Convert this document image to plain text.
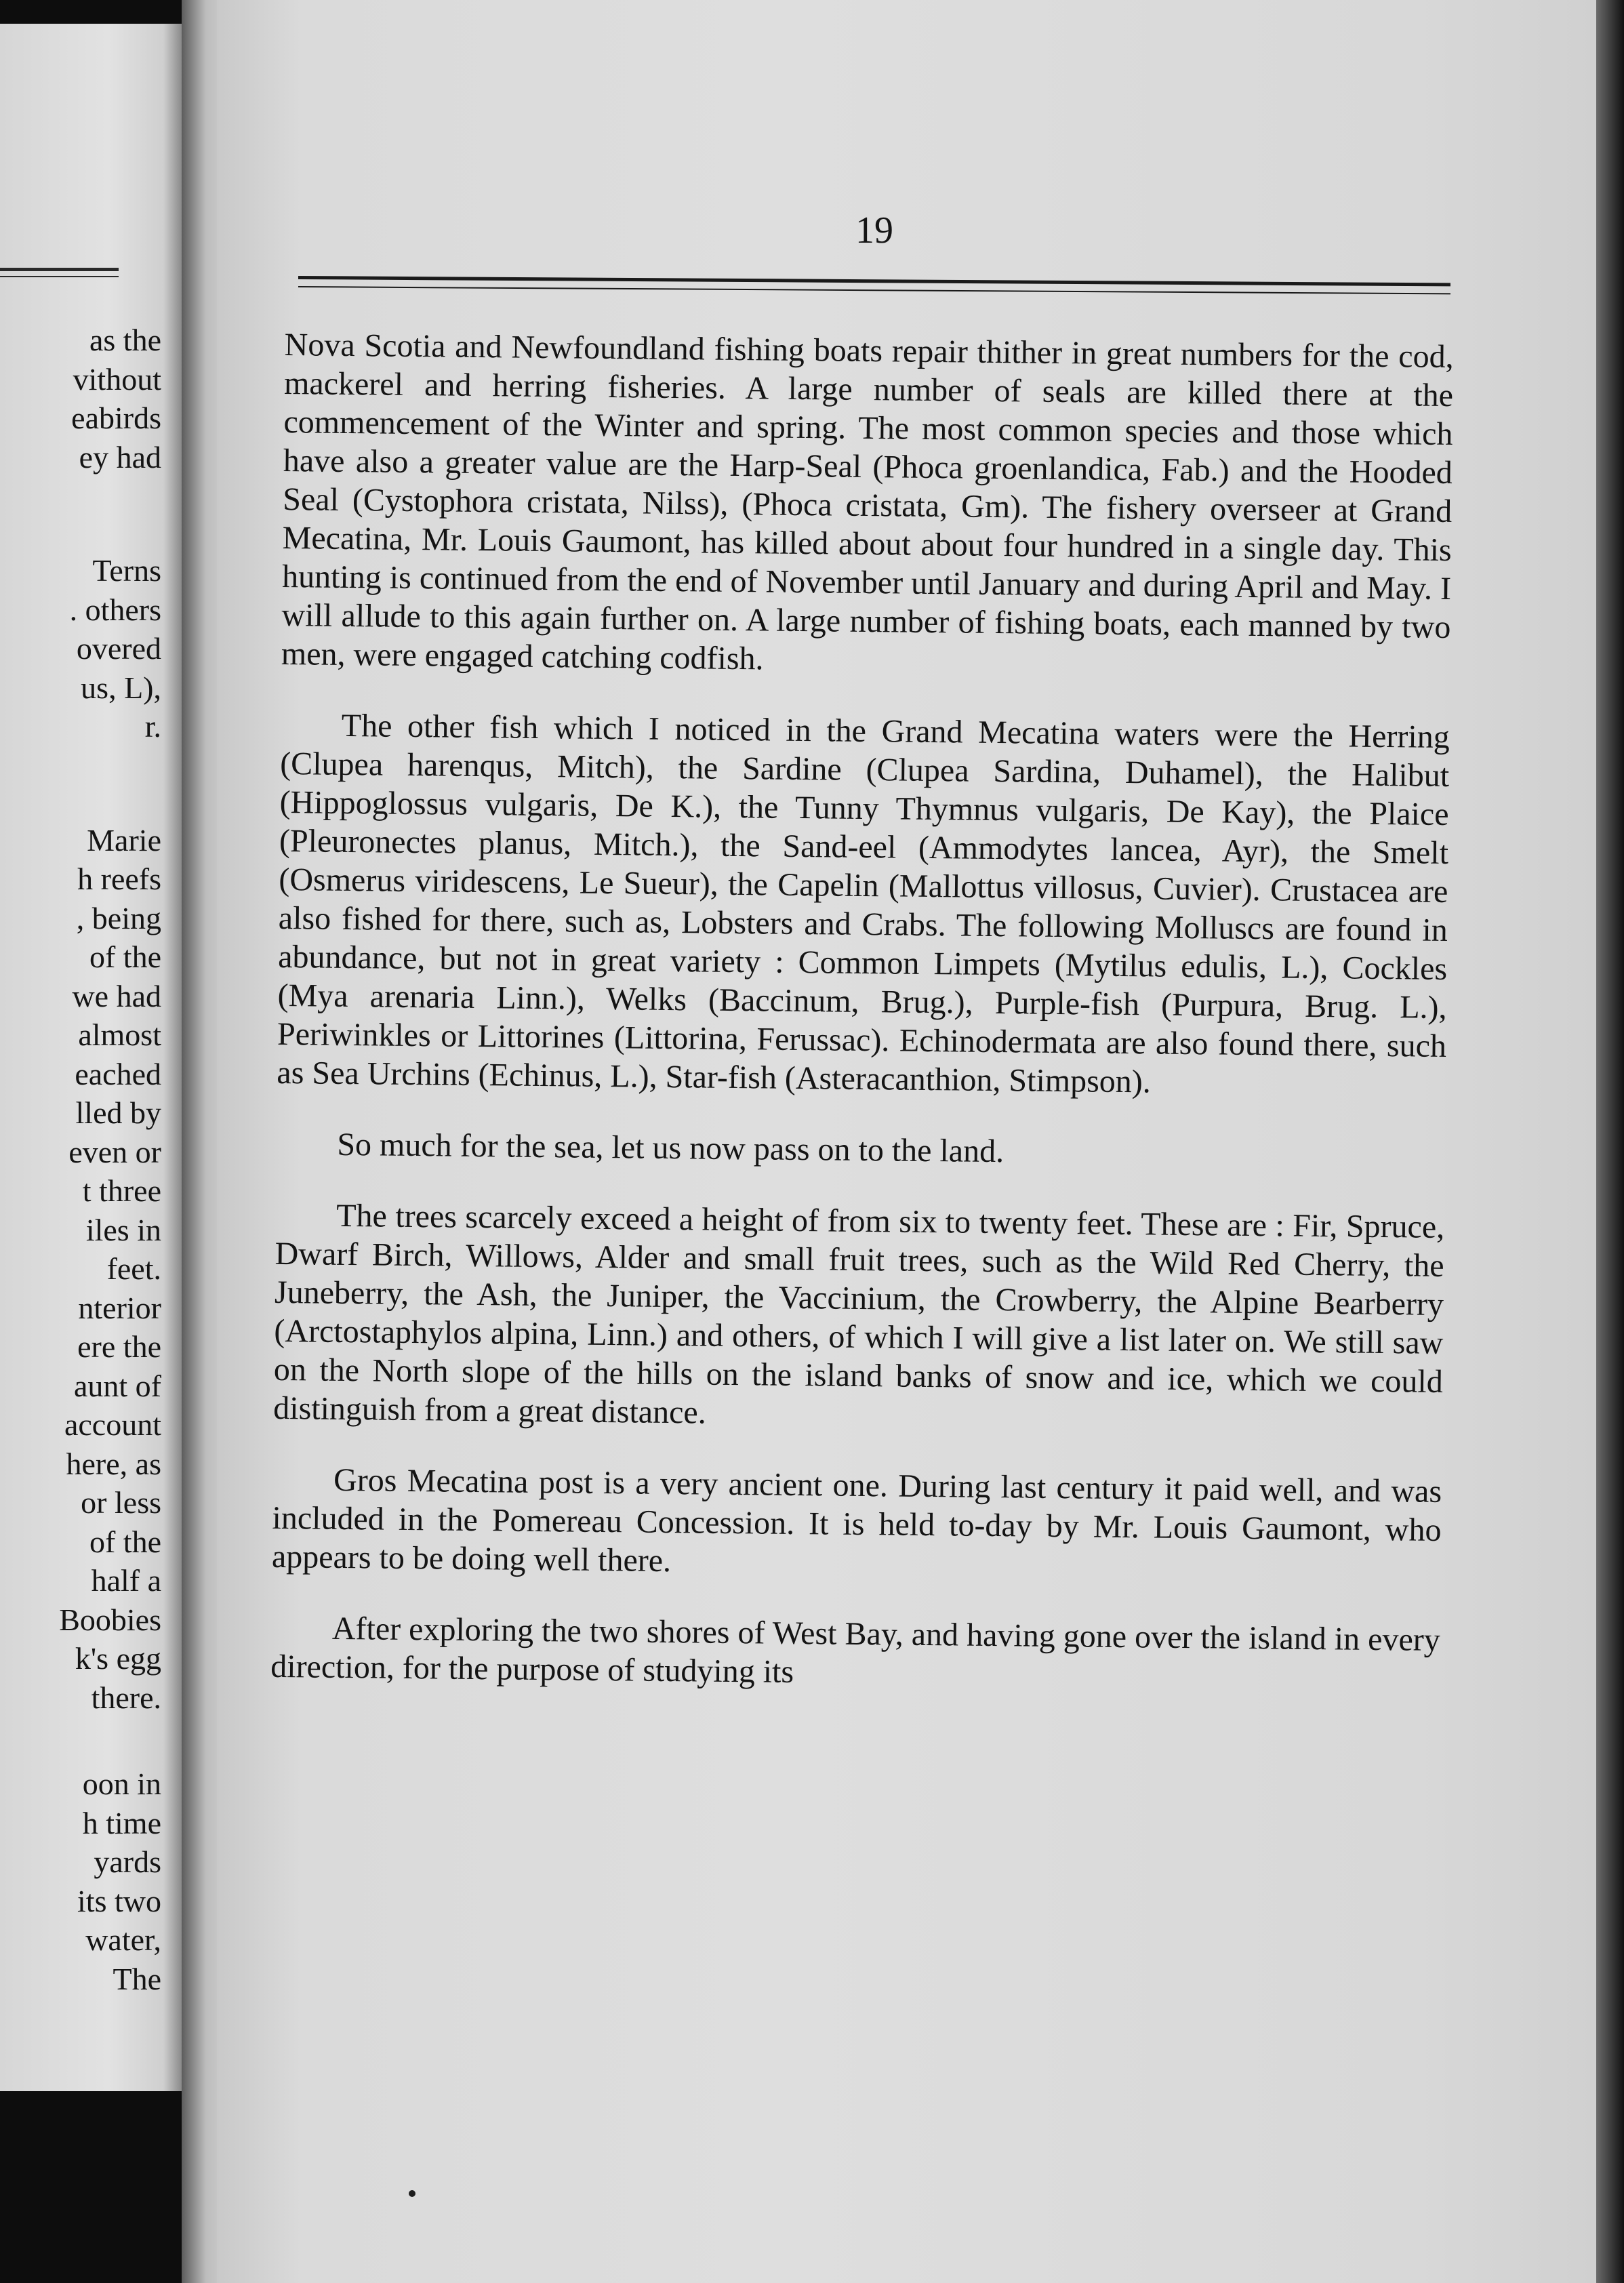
as the
vithout
eabirds
ey had
Terns
. others
overed
us, L),
r.
Marie
h reefs
, being
of the
we had
almost
eached
lled by
even or
t three
iles in
feet.
nterior
ere the
aunt of
account
here, as
or less
of the
half a
Boobies
k's egg
there.
oon in
h time
yards
its two
water,
The
19

Nova Scotia and Newfoundland fishing boats repair thither in great numbers for the cod, mackerel and herring fisheries. A large number of seals are killed there at the commencement of the Winter and spring. The most common species and those which have also a greater value are the Harp-Seal (Phoca groenlandica, Fab.) and the Hooded Seal (Cystophora cristata, Nilss), (Phoca cristata, Gm). The fishery overseer at Grand Mecatina, Mr. Louis Gaumont, has killed about about four hundred in a single day. This hunting is continued from the end of November until January and during April and May. I will allude to this again further on. A large number of fishing boats, each manned by two men, were engaged catching codfish.

The other fish which I noticed in the Grand Mecatina waters were the Herring (Clupea harenqus, Mitch), the Sardine (Clupea Sardina, Duhamel), the Halibut (Hippoglossus vulgaris, De K.), the Tunny Thymnus vulgaris, De Kay), the Plaice (Pleuronectes planus, Mitch.), the Sand-eel (Ammodytes lancea, Ayr), the Smelt (Osmerus viridescens, Le Sueur), the Capelin (Mallottus villosus, Cuvier). Crustacea are also fished for there, such as, Lobsters and Crabs. The following Molluscs are found in abundance, but not in great variety : Common Limpets (Mytilus edulis, L.), Cockles (Mya arenaria Linn.), Welks (Baccinum, Brug.), Purple-fish (Purpura, Brug. L.), Periwinkles or Littorines (Littorina, Ferussac). Echinodermata are also found there, such as Sea Urchins (Echinus, L.), Star-fish (Asteracanthion, Stimpson).

So much for the sea, let us now pass on to the land.

The trees scarcely exceed a height of from six to twenty feet. These are : Fir, Spruce, Dwarf Birch, Willows, Alder and small fruit trees, such as the Wild Red Cherry, the Juneberry, the Ash, the Juniper, the Vaccinium, the Crowberry, the Alpine Bearberry (Arctostaphylos alpina, Linn.) and others, of which I will give a list later on. We still saw on the North slope of the hills on the island banks of snow and ice, which we could distinguish from a great distance.

Gros Mecatina post is a very ancient one. During last century it paid well, and was included in the Pomereau Concession. It is held to-day by Mr. Louis Gaumont, who appears to be doing well there.

After exploring the two shores of West Bay, and having gone over the island in every direction, for the purpose of studying its
